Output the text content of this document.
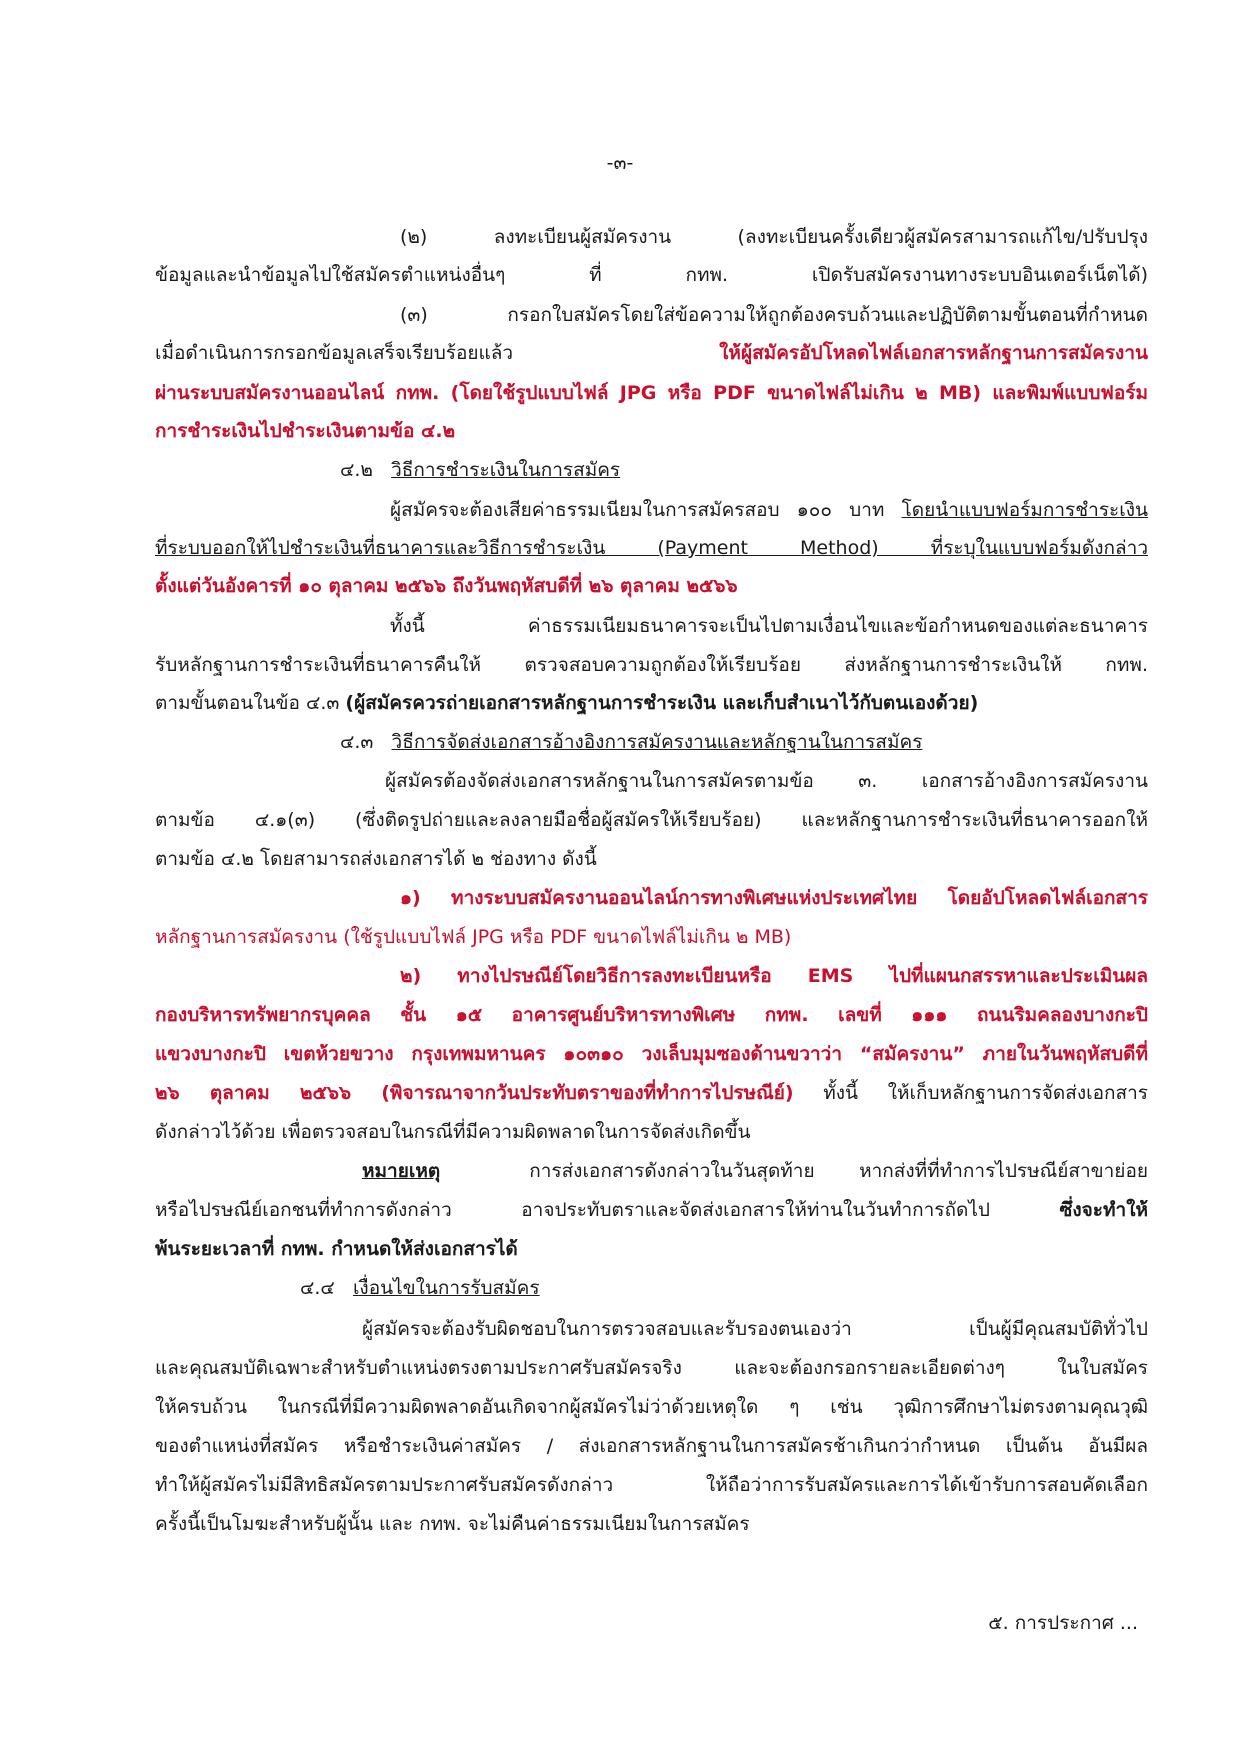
-๓-
(๒) ลงทะเบียนผู้สมัครงาน (ลงทะเบียนครั้งเดียวผู้สมัครสามารถแก้ไข/ปรับปรุง
ข้อมูลและนำข้อมูลไปใช้สมัครตำแหน่งอื่นๆ ที่ กทพ. เปิดรับสมัครงานทางระบบอินเตอร์เน็ตได้)
(๓) กรอกใบสมัครโดยใส่ข้อความให้ถูกต้องครบถ้วนและปฏิบัติตามขั้นตอนที่กำหนด
เมื่อดำเนินการกรอกข้อมูลเสร็จเรียบร้อยแล้ว	ให้ผู้สมัครอัปโหลดไฟล์เอกสารหลักฐานการสมัครงาน
ผ่านระบบสมัครงานออนไลน์ กทพ. (โดยใช้รูปแบบไฟล์ JPG หรือ PDF ขนาดไฟล์ไม่เกิน ๒ MB) และพิมพ์แบบฟอร์ม
การชำระเงินไปชำระเงินตามข้อ ๔.๒
๔.๒ วิธีการชำระเงินในการสมัคร
ผู้สมัครจะต้องเสียค่าธรรมเนียมในการสมัครสอบ ๑๐๐ บาท โดยนำแบบฟอร์มการชำระเงิน
ที่ระบบออกให้ไปชำระเงินที่ธนาคารและวิธีการชำระเงิน (Payment Method) ที่ระบุในแบบฟอร์มดังกล่าว
ตั้งแต่วันอังคารที่ ๑๐ ตุลาคม ๒๕๖๖ ถึงวันพฤหัสบดีที่ ๒๖ ตุลาคม ๒๕๖๖
ทั้งนี้ ค่าธรรมเนียมธนาคารจะเป็นไปตามเงื่อนไขและข้อกำหนดของแต่ละธนาคาร
รับหลักฐานการชำระเงินที่ธนาคารคืนให้ ตรวจสอบความถูกต้องให้เรียบร้อย ส่งหลักฐานการชำระเงินให้ กทพ.
ตามขั้นตอนในข้อ ๔.๓ (ผู้สมัครควรถ่ายเอกสารหลักฐานการชำระเงิน และเก็บสำเนาไว้กับตนเองด้วย)
๔.๓ วิธีการจัดส่งเอกสารอ้างอิงการสมัครงานและหลักฐานในการสมัคร
ผู้สมัครต้องจัดส่งเอกสารหลักฐานในการสมัครตามข้อ ๓. เอกสารอ้างอิงการสมัครงาน
ตามข้อ ๔.๑(๓) (ซึ่งติดรูปถ่ายและลงลายมือชื่อผู้สมัครให้เรียบร้อย) และหลักฐานการชำระเงินที่ธนาคารออกให้
ตามข้อ ๔.๒ โดยสามารถส่งเอกสารได้ ๒ ช่องทาง ดังนี้
๑) ทางระบบสมัครงานออนไลน์การทางพิเศษแห่งประเทศไทย โดยอัปโหลดไฟล์เอกสาร
หลักฐานการสมัครงาน (ใช้รูปแบบไฟล์ JPG หรือ PDF ขนาดไฟล์ไม่เกิน ๒ MB)
๒) ทางไปรษณีย์โดยวิธีการลงทะเบียนหรือ EMS ไปที่แผนกสรรหาและประเมินผล
กองบริหารทรัพยากรบุคคล ชั้น ๑๕ อาคารศูนย์บริหารทางพิเศษ กทพ. เลขที่ ๑๑๑ ถนนริมคลองบางกะปิ
แขวงบางกะปิ เขตห้วยขวาง กรุงเทพมหานคร ๑๐๓๑๐ วงเล็บมุมซองด้านขวาว่า “สมัครงาน” ภายในวันพฤหัสบดีที่
๒๖ ตุลาคม ๒๕๖๖ (พิจารณาจากวันประทับตราของที่ทำการไปรษณีย์) ทั้งนี้ ให้เก็บหลักฐานการจัดส่งเอกสาร
ดังกล่าวไว้ด้วย เพื่อตรวจสอบในกรณีที่มีความผิดพลาดในการจัดส่งเกิดขึ้น
หมายเหตุ	การส่งเอกสารดังกล่าวในวันสุดท้าย หากส่งที่ที่ทำการไปรษณีย์สาขาย่อย
หรือไปรษณีย์เอกชนที่ทำการดังกล่าว อาจประทับตราและจัดส่งเอกสารให้ท่านในวันทำการถัดไป	ซึ่งจะทำให้
พ้นระยะเวลาที่ กทพ. กำหนดให้ส่งเอกสารได้
๔.๔ เงื่อนไขในการรับสมัคร
ผู้สมัครจะต้องรับผิดชอบในการตรวจสอบและรับรองตนเองว่า เป็นผู้มีคุณสมบัติทั่วไป
และคุณสมบัติเฉพาะสำหรับตำแหน่งตรงตามประกาศรับสมัครจริง และจะต้องกรอกรายละเอียดต่างๆ ในใบสมัคร
ให้ครบถ้วน ในกรณีที่มีความผิดพลาดอันเกิดจากผู้สมัครไม่ว่าด้วยเหตุใด ๆ เช่น วุฒิการศึกษาไม่ตรงตามคุณวุฒิ
ของตำแหน่งที่สมัคร หรือชำระเงินค่าสมัคร / ส่งเอกสารหลักฐานในการสมัครช้าเกินกว่ากำหนด เป็นต้น อันมีผล
ทำให้ผู้สมัครไม่มีสิทธิสมัครตามประกาศรับสมัครดังกล่าว ให้ถือว่าการรับสมัครและการได้เข้ารับการสอบคัดเลือก
ครั้งนี้เป็นโมฆะสำหรับผู้นั้น และ กทพ. จะไม่คืนค่าธรรมเนียมในการสมัคร
๕. การประกาศ ...
